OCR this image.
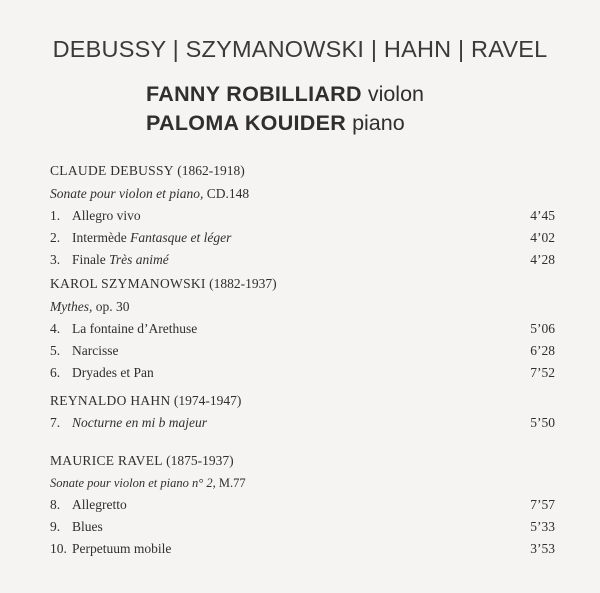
DEBUSSY | SZYMANOWSKI | HAHN | RAVEL
FANNY ROBILLIARD violon
PALOMA KOUIDER piano
CLAUDE DEBUSSY (1862-1918)
Sonate pour violon et piano, CD.148
1. Allegro vivo	4’45
2. Intermède Fantasque et léger	4’02
3. Finale Très animé	4’28
KAROL SZYMANOWSKI (1882-1937)
Mythes, op. 30
4. La fontaine d’Arethuse	5’06
5. Narcisse	6’28
6. Dryades et Pan	7’52
REYNALDO HAHN (1974-1947)
7. Nocturne en mi b majeur	5’50
MAURICE RAVEL (1875-1937)
Sonate pour violon et piano n° 2, M.77
8. Allegretto	7’57
9. Blues	5’33
10. Perpetuum mobile	3’53
